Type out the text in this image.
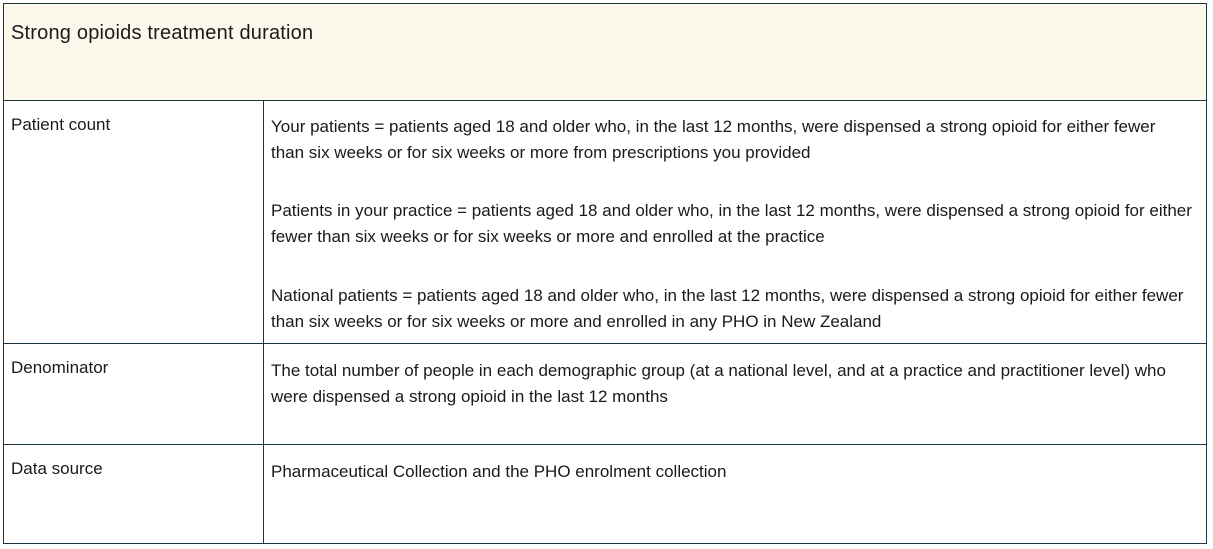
Strong opioids treatment duration
Patient count	Your patients = patients aged 18 and older who, in the last 12 months, were dispensed a strong opioid for either fewer than six weeks or for six weeks or more from prescriptions you provided

Patients in your practice = patients aged 18 and older who, in the last 12 months, were dispensed a strong opioid for either fewer than six weeks or for six weeks or more and enrolled at the practice

National patients = patients aged 18 and older who, in the last 12 months, were dispensed a strong opioid for either fewer than six weeks or for six weeks or more and enrolled in any PHO in New Zealand

Denominator	The total number of people in each demographic group (at a national level, and at a practice and practitioner level) who were dispensed a strong opioid in the last 12 months

Data source	Pharmaceutical Collection and the PHO enrolment collection
